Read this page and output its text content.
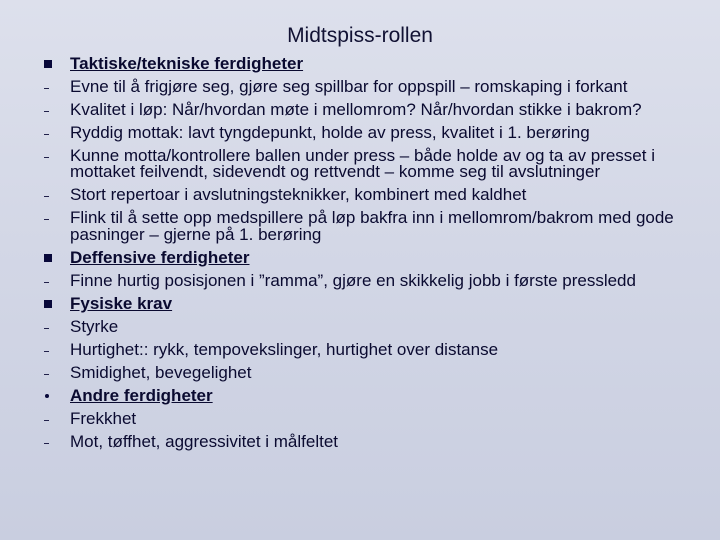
Midtspiss-rollen
Taktiske/tekniske ferdigheter
Evne til å frigjøre seg, gjøre seg spillbar for oppspill – romskaping i forkant
Kvalitet i løp: Når/hvordan møte i mellomrom? Når/hvordan stikke i bakrom?
Ryddig mottak: lavt tyngdepunkt, holde av press, kvalitet i 1. berøring
Kunne motta/kontrollere ballen under press – både holde av og ta av presset i mottaket feilvendt, sidevendt og rettvendt – komme seg til avslutninger
Stort repertoar i avslutningsteknikker, kombinert med kaldhet
Flink til å sette opp medspillere på løp bakfra inn i mellomrom/bakrom med gode pasninger – gjerne på 1. berøring
Deffensive ferdigheter
Finne hurtig posisjonen i ”ramma”, gjøre en skikkelig jobb i første pressledd
Fysiske krav
Styrke
Hurtighet:: rykk, tempovekslinger, hurtighet over distanse
Smidighet, bevegelighet
Andre ferdigheter
Frekkhet
Mot, tøffhet, aggressivitet i målfeltet
